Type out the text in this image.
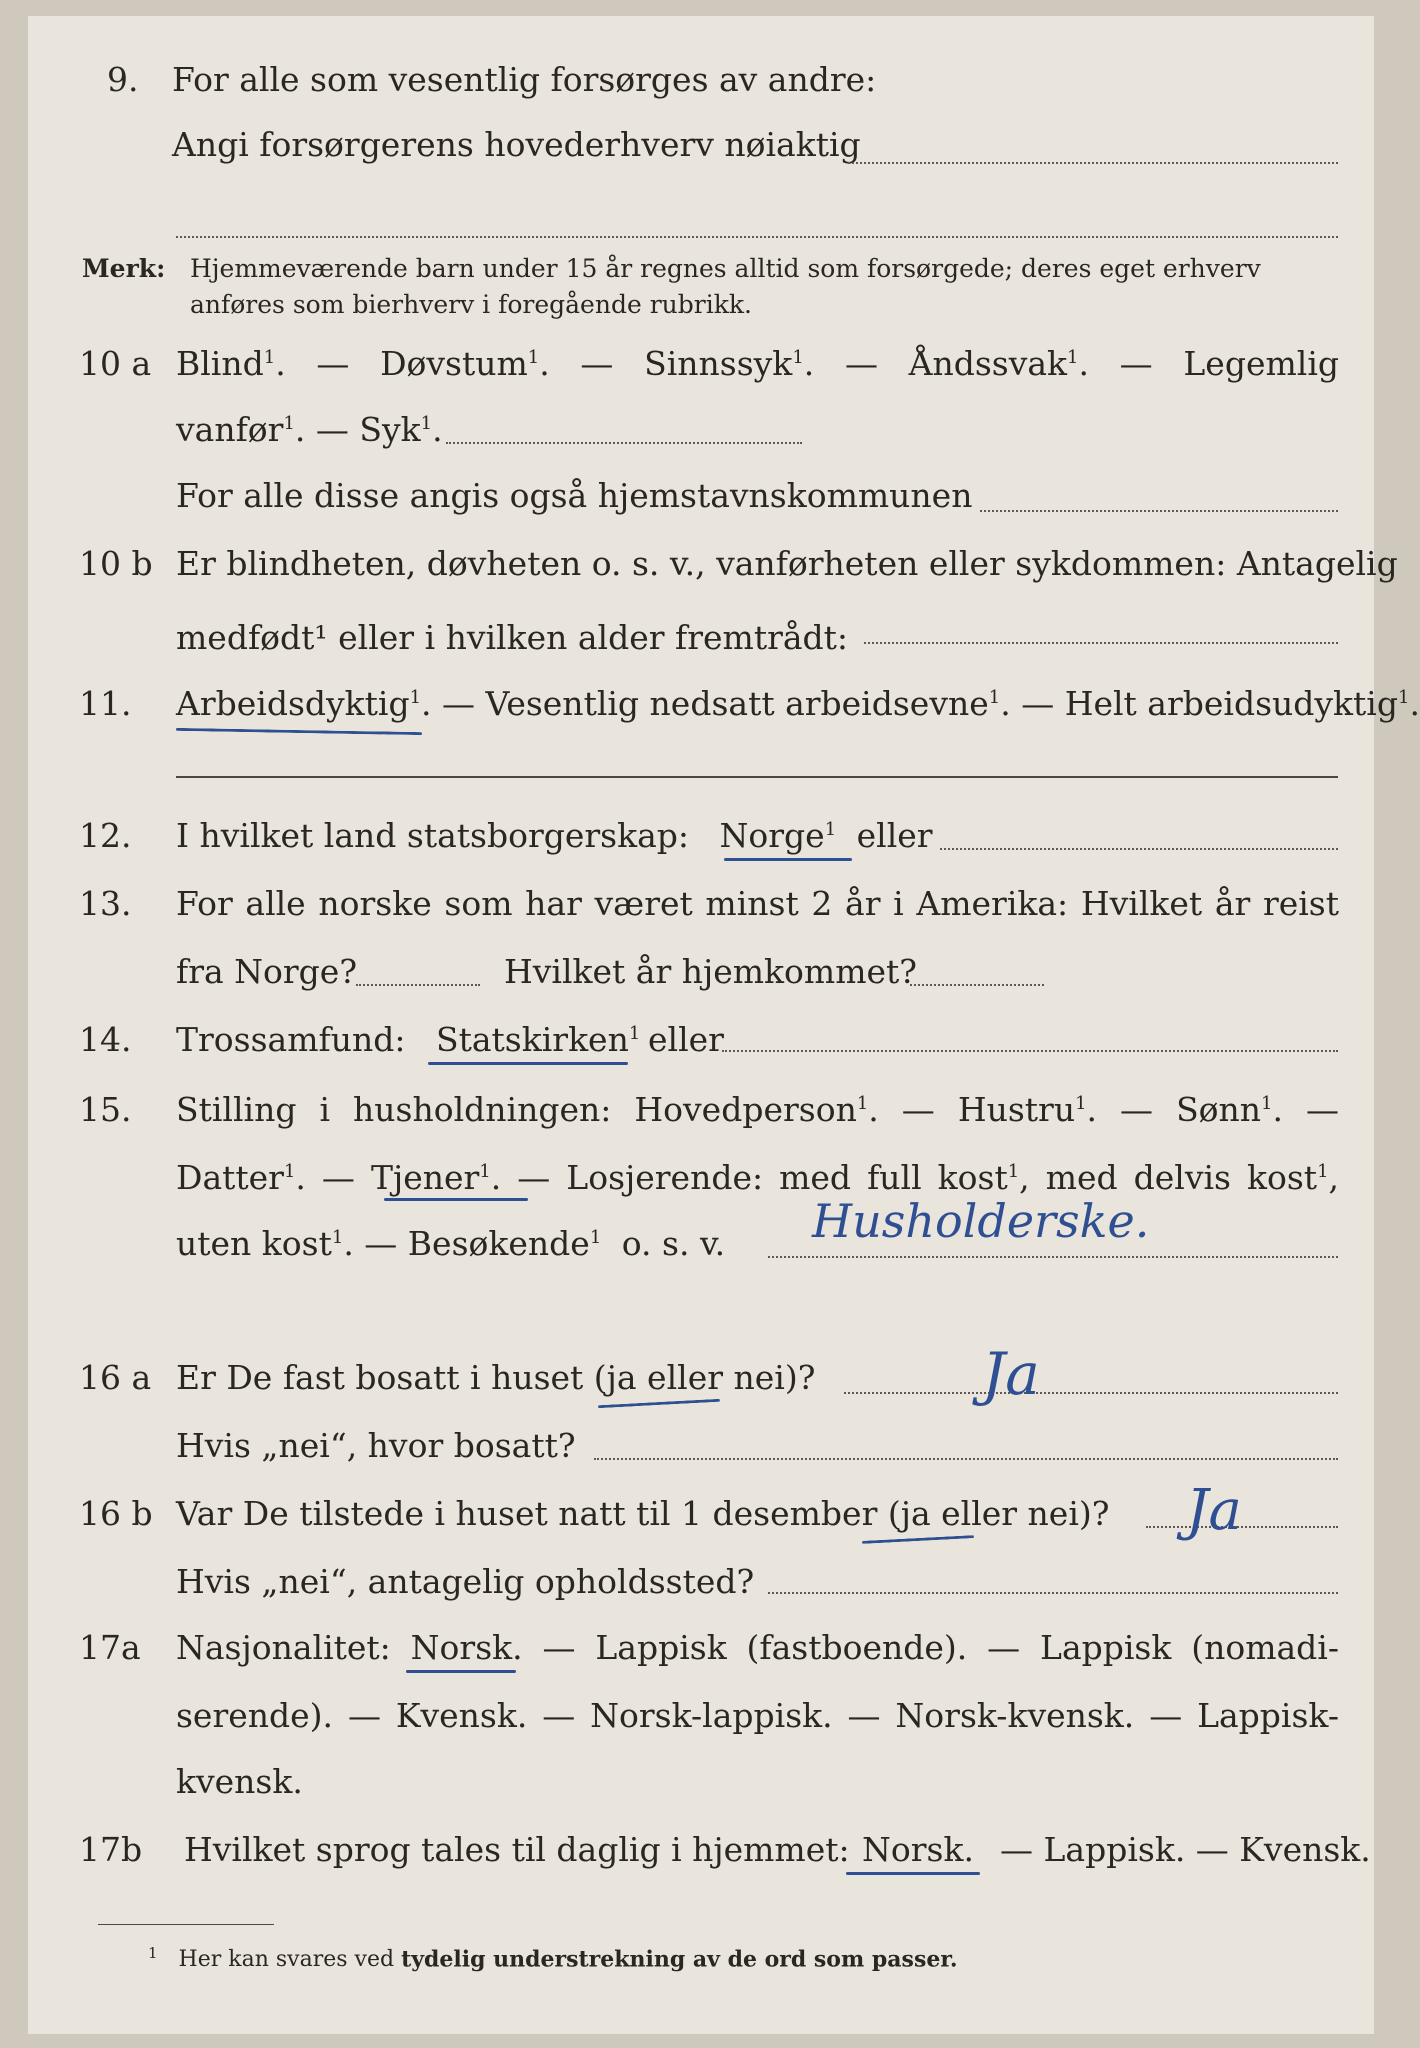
9. For alle som vesentlig forsørges av andre:
Angi forsørgerens hovederhverv nøiaktig
Merk: Hjemmeværende barn under 15 år regnes alltid som forsørgede; deres eget erhverv
anføres som bierhverv i foregående rubrikk.
10 a Blind$^1$. — Døvstum$^1$. — Sinnssyk$^1$. — Åndssvak$^1$. — Legemlig
vanfør$^1$. — Syk$^1$.
For alle disse angis også hjemstavnskommunen
10 b Er blindheten, døvheten o. s. v., vanførheten eller sykdommen: Antagelig
medfødt¹ eller i hvilken alder fremtrådt:
11. Arbeidsdyktig$^1$. — Vesentlig nedsatt arbeidsevne$^1$. — Helt arbeidsudyktig$^1$.
12. I hvilket land statsborgerskap: Norge$^1$ eller
13. For alle norske som har været minst 2 år i Amerika: Hvilket år reist
fra Norge?	Hvilket år hjemkommet?
14. Trossamfund: Statskirken$^1$ eller
15. Stilling i husholdningen: Hovedperson$^1$. — Hustru$^1$. — Sønn$^1$. —
Datter$^1$. — Tjener$^1$. — Losjerende: med full kost$^1$, med delvis kost$^1$,
uten kost$^1$. — Besøkende$^1$ o. s. v. Husholderske.
16 a Er De fast bosatt i huset (ja eller nei)?	Ja
Hvis „nei“, hvor bosatt?
16 b Var De tilstede i huset natt til 1 desember (ja eller nei)? Ja
Hvis „nei“, antagelig opholdssted?
17a Nasjonalitet: Norsk. — Lappisk (fastboende). — Lappisk (nomadi-
serende). — Kvensk. — Norsk-lappisk. — Norsk-kvensk. — Lappisk-
kvensk.
17b Hvilket sprog tales til daglig i hjemmet: Norsk. — Lappisk. — Kvensk.
$^1$ Her kan svares ved tydelig understrekning av de ord som passer.
